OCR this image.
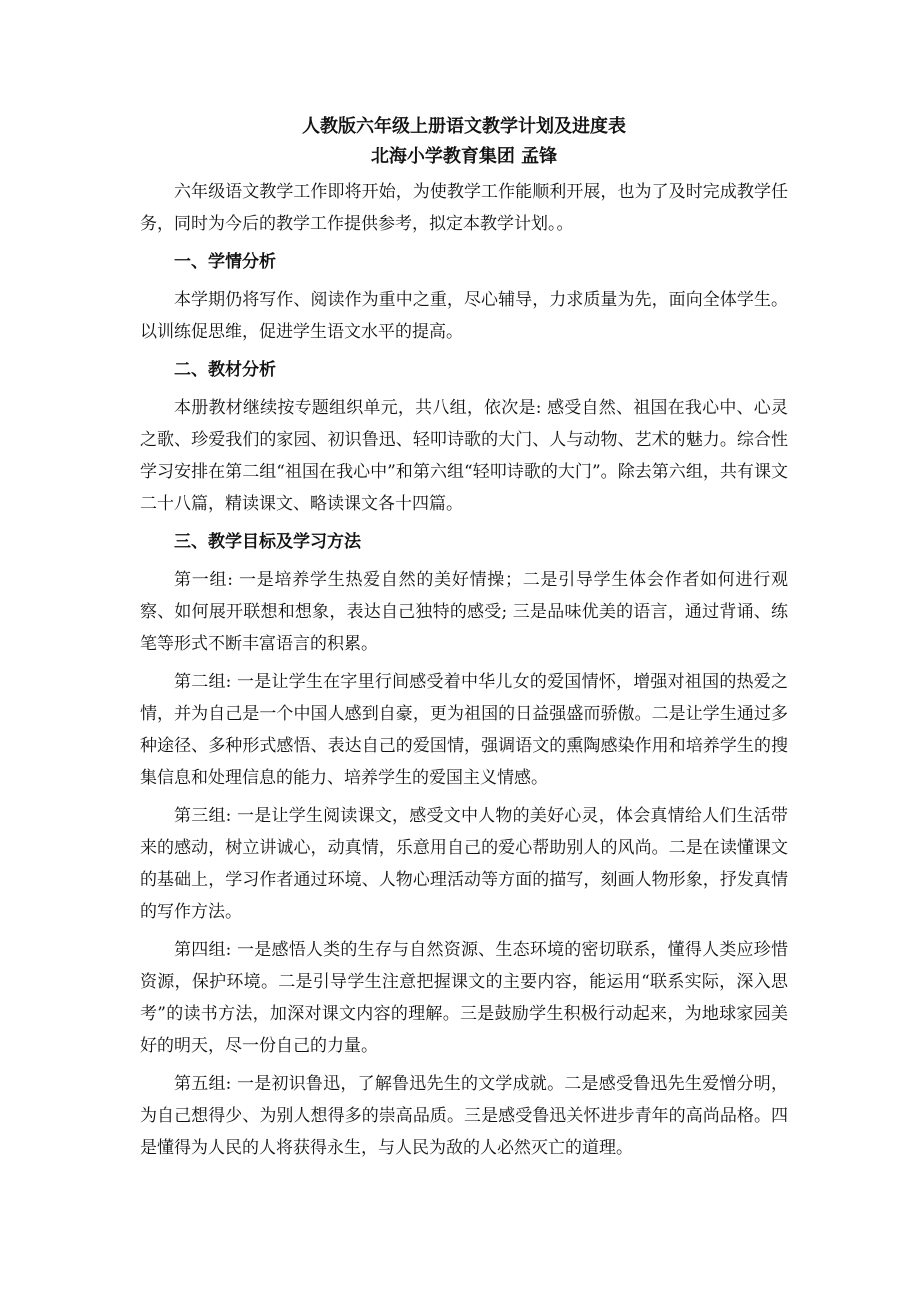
人教版六年级上册语文教学计划及进度表

北海小学教育集团 孟锋

六年级语文教学工作即将开始，为使教学工作能顺利开展，也为了及时完成教学任务，同时为今后的教学工作提供参考，拟定本教学计划。。

一、学情分析

本学期仍将写作、阅读作为重中之重，尽心辅导，力求质量为先，面向全体学生。以训练促思维，促进学生语文水平的提高。

二、教材分析

本册教材继续按专题组织单元，共八组，依次是: 感受自然、祖国在我心中、心灵之歌、珍爱我们的家园、初识鲁迅、轻叩诗歌的大门、人与动物、艺术的魅力。综合性学习安排在第二组“祖国在我心中”和第六组“轻叩诗歌的大门”。除去第六组，共有课文二十八篇，精读课文、略读课文各十四篇。

三、教学目标及学习方法

第一组: 一是培养学生热爱自然的美好情操；二是引导学生体会作者如何进行观察、如何展开联想和想象，表达自己独特的感受; 三是品味优美的语言，通过背诵、练笔等形式不断丰富语言的积累。

第二组: 一是让学生在字里行间感受着中华儿女的爱国情怀，增强对祖国的热爱之情，并为自己是一个中国人感到自豪，更为祖国的日益强盛而骄傲。二是让学生通过多种途径、多种形式感悟、表达自己的爱国情，强调语文的熏陶感染作用和培养学生的搜集信息和处理信息的能力、培养学生的爱国主义情感。

第三组: 一是让学生阅读课文，感受文中人物的美好心灵，体会真情给人们生活带来的感动，树立讲诚心，动真情，乐意用自己的爱心帮助别人的风尚。二是在读懂课文的基础上，学习作者通过环境、人物心理活动等方面的描写，刻画人物形象，抒发真情的写作方法。

第四组: 一是感悟人类的生存与自然资源、生态环境的密切联系，懂得人类应珍惜资源，保护环境。二是引导学生注意把握课文的主要内容，能运用“联系实际，深入思考”的读书方法，加深对课文内容的理解。三是鼓励学生积极行动起来，为地球家园美好的明天，尽一份自己的力量。

第五组: 一是初识鲁迅，了解鲁迅先生的文学成就。二是感受鲁迅先生爱憎分明，为自己想得少、为别人想得多的崇高品质。三是感受鲁迅关怀进步青年的高尚品格。四是懂得为人民的人将获得永生，与人民为敌的人必然灭亡的道理。
